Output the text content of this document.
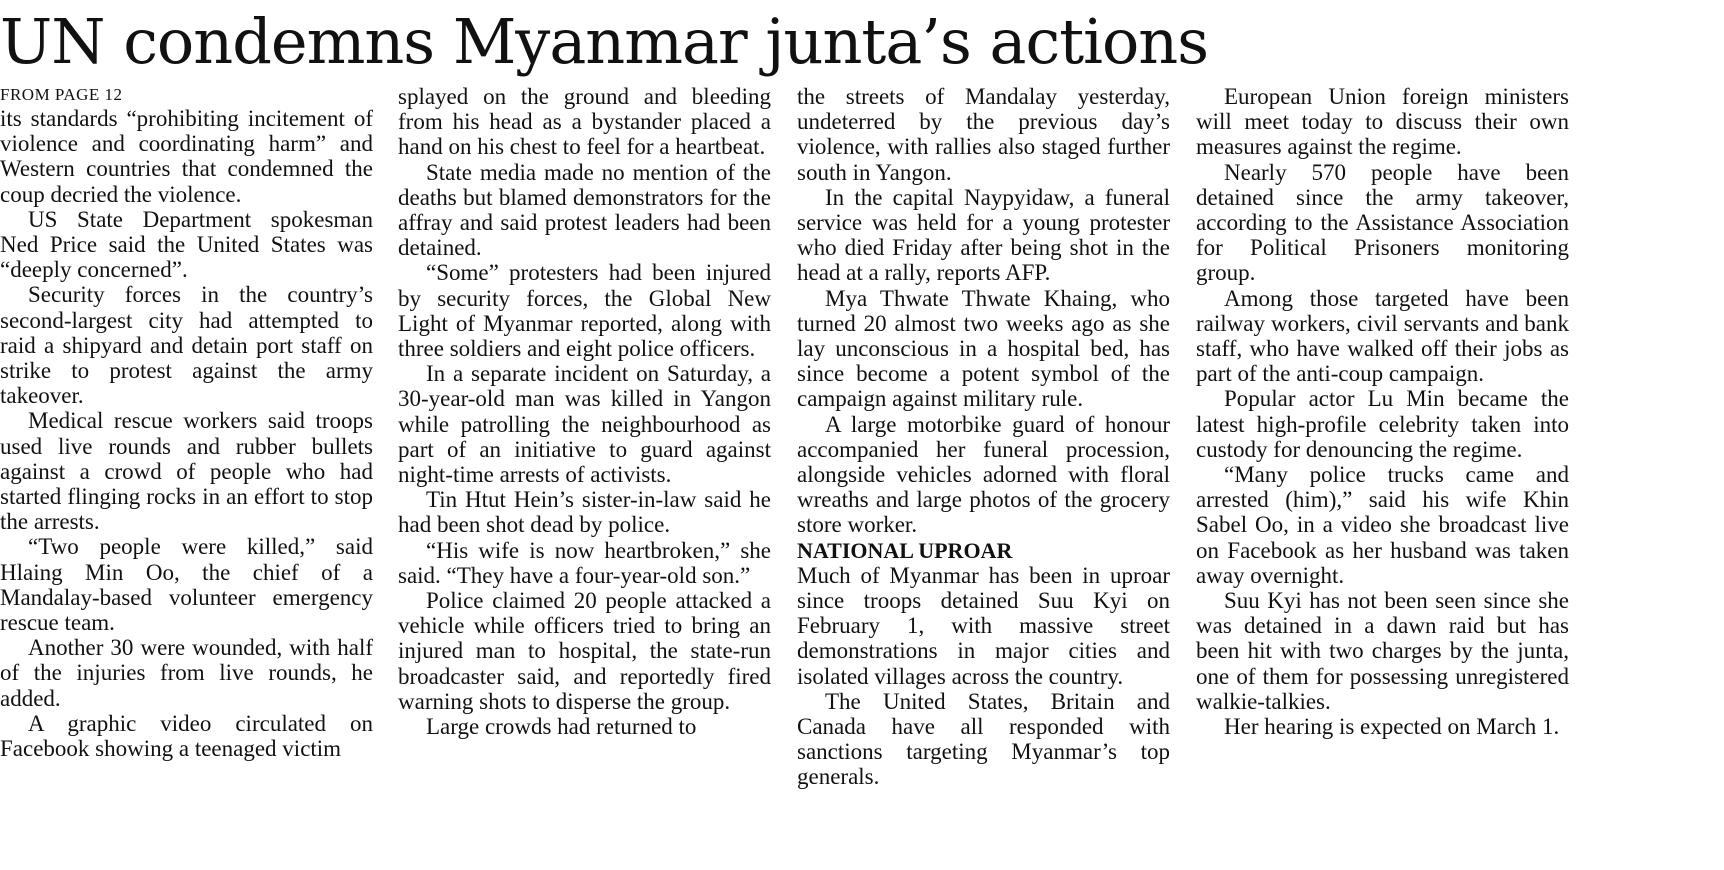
UN condemns Myanmar junta’s actions
FROM PAGE 12

its standards “prohibiting incitement of violence and coordinating harm” and Western countries that condemned the coup decried the violence.

US State Department spokesman Ned Price said the United States was “deeply concerned”.

Security forces in the country’s second-largest city had attempted to raid a shipyard and detain port staff on strike to protest against the army takeover.

Medical rescue workers said troops used live rounds and rubber bullets against a crowd of people who had started flinging rocks in an effort to stop the arrests.

“Two people were killed,” said Hlaing Min Oo, the chief of a Mandalay-based volunteer emergency rescue team.

Another 30 were wounded, with half of the injuries from live rounds, he added.

A graphic video circulated on Facebook showing a teenaged victim

splayed on the ground and bleeding from his head as a bystander placed a hand on his chest to feel for a heartbeat.

State media made no mention of the deaths but blamed demonstrators for the affray and said protest leaders had been detained.

“Some” protesters had been injured by security forces, the Global New Light of Myanmar reported, along with three soldiers and eight police officers.

In a separate incident on Saturday, a 30-year-old man was killed in Yangon while patrolling the neighbourhood as part of an initiative to guard against night-time arrests of activists.

Tin Htut Hein’s sister-in-law said he had been shot dead by police.

“His wife is now heartbroken,” she said. “They have a four-year-old son.”

Police claimed 20 people attacked a vehicle while officers tried to bring an injured man to hospital, the state-run broadcaster said, and reportedly fired warning shots to disperse the group.

Large crowds had returned to

the streets of Mandalay yesterday, undeterred by the previous day’s violence, with rallies also staged further south in Yangon.

In the capital Naypyidaw, a funeral service was held for a young protester who died Friday after being shot in the head at a rally, reports AFP.

Mya Thwate Thwate Khaing, who turned 20 almost two weeks ago as she lay unconscious in a hospital bed, has since become a potent symbol of the campaign against military rule.

A large motorbike guard of honour accompanied her funeral procession, alongside vehicles adorned with floral wreaths and large photos of the grocery store worker.

NATIONAL UPROAR

Much of Myanmar has been in uproar since troops detained Suu Kyi on February 1, with massive street demonstrations in major cities and isolated villages across the country.

The United States, Britain and Canada have all responded with sanctions targeting Myanmar’s top generals.

European Union foreign ministers will meet today to discuss their own measures against the regime.

Nearly 570 people have been detained since the army takeover, according to the Assistance Association for Political Prisoners monitoring group.

Among those targeted have been railway workers, civil servants and bank staff, who have walked off their jobs as part of the anti-coup campaign.

Popular actor Lu Min became the latest high-profile celebrity taken into custody for denouncing the regime.

“Many police trucks came and arrested (him),” said his wife Khin Sabel Oo, in a video she broadcast live on Facebook as her husband was taken away overnight.

Suu Kyi has not been seen since she was detained in a dawn raid but has been hit with two charges by the junta, one of them for possessing unregistered walkie-talkies.

Her hearing is expected on March 1.
